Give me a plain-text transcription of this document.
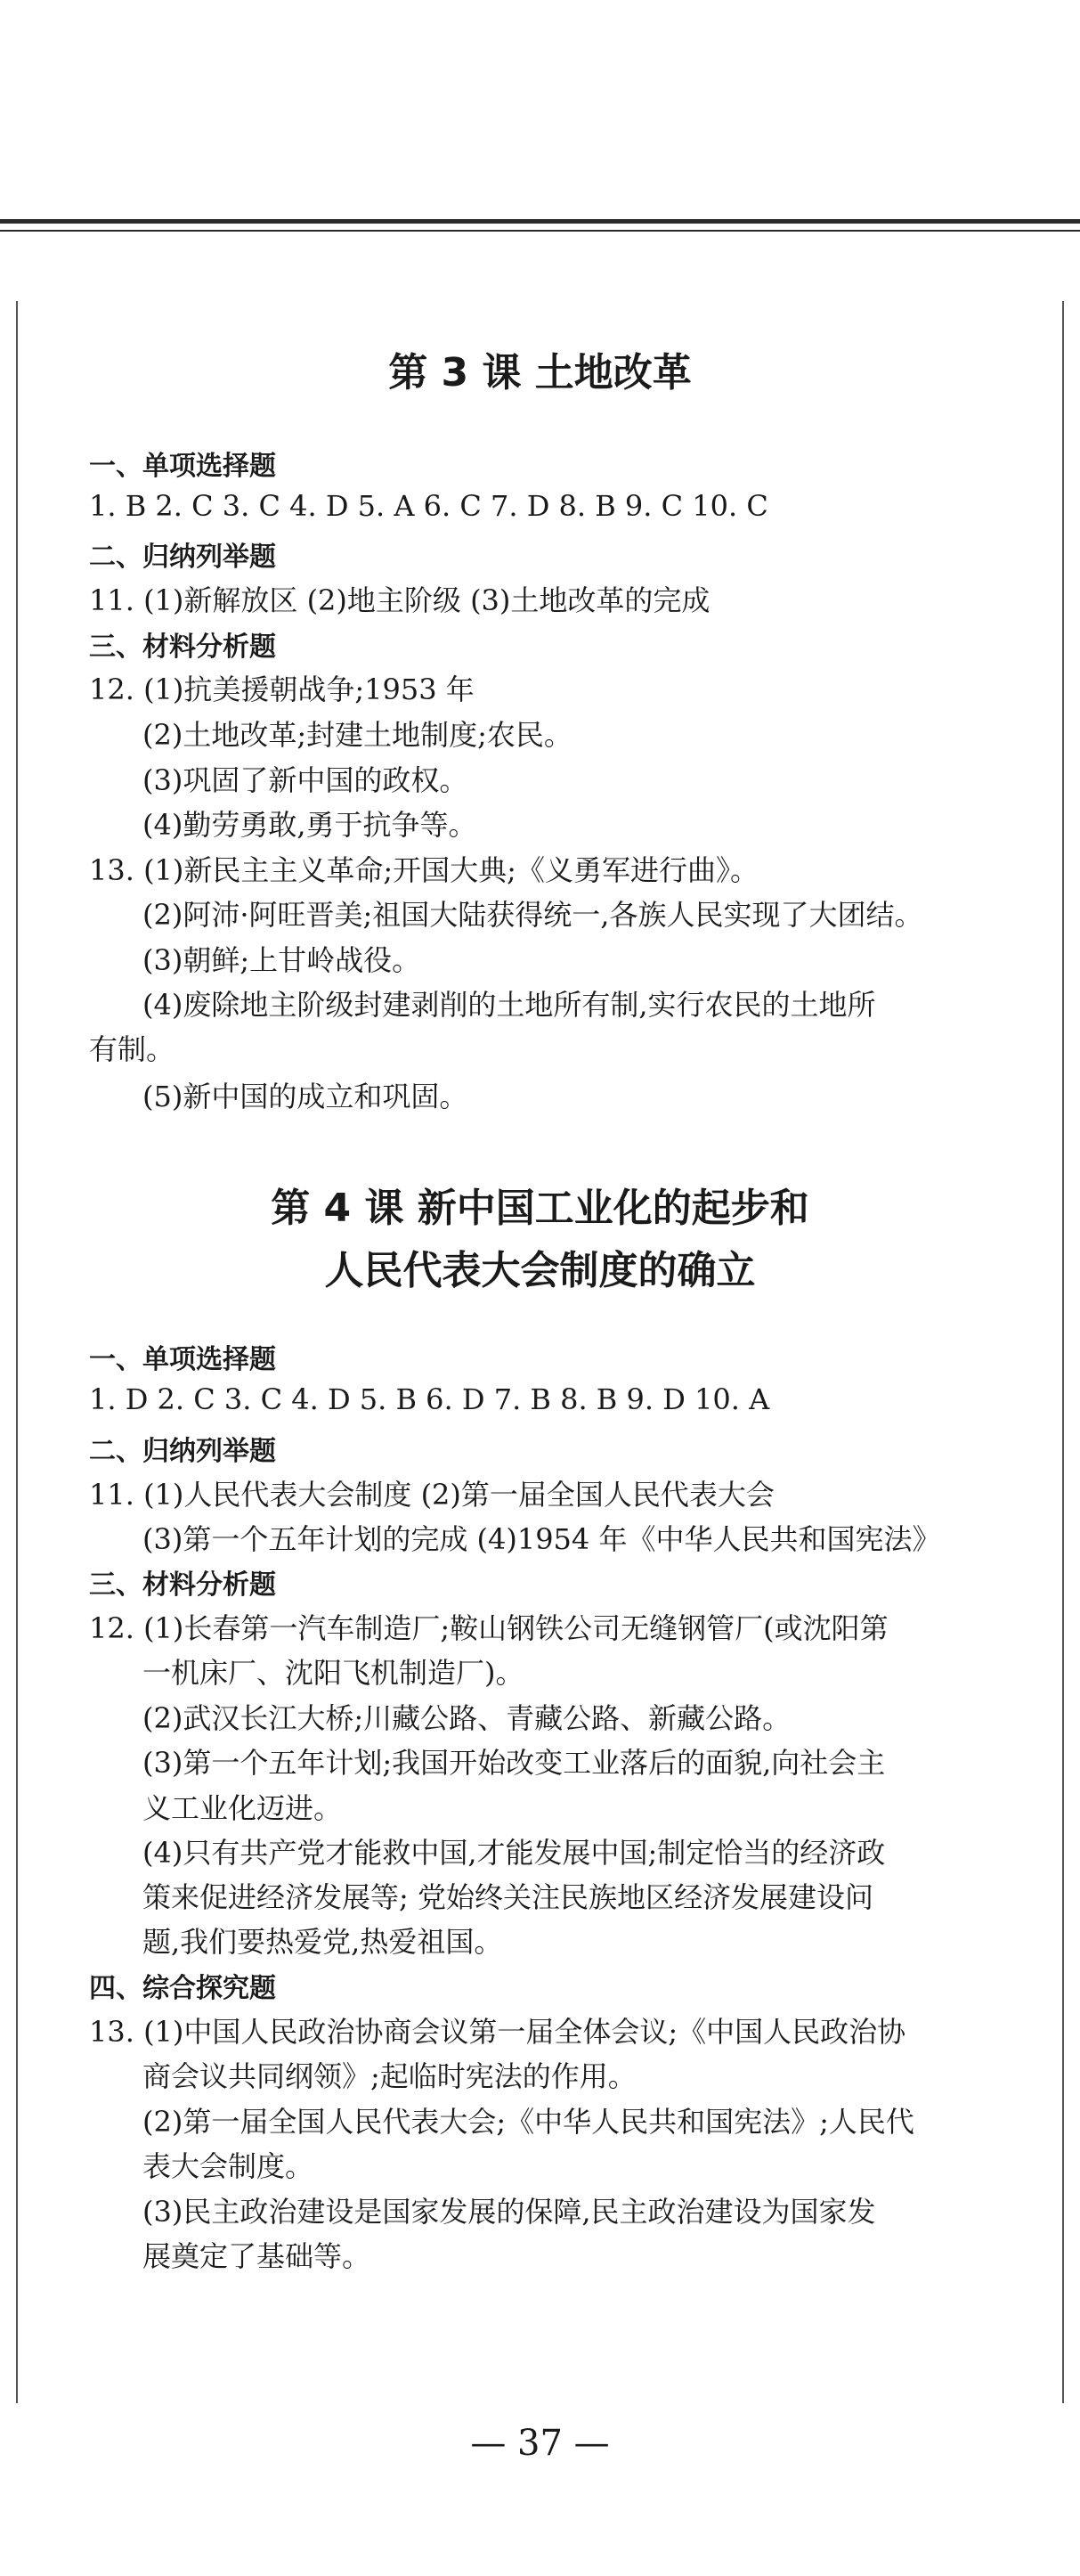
第 3 课 土地改革
一、单项选择题
1. B 2. C 3. C 4. D 5. A 6. C 7. D 8. B 9. C 10. C
二、归纳列举题
11. (1)新解放区 (2)地主阶级 (3)土地改革的完成
三、材料分析题
12. (1)抗美援朝战争;1953 年
(2)土地改革;封建土地制度;农民。
(3)巩固了新中国的政权。
(4)勤劳勇敢,勇于抗争等。
13. (1)新民主主义革命;开国大典;《义勇军进行曲》。
(2)阿沛·阿旺晋美;祖国大陆获得统一,各族人民实现了大团结。
(3)朝鲜;上甘岭战役。
(4)废除地主阶级封建剥削的土地所有制,实行农民的土地所
有制。
(5)新中国的成立和巩固。
第 4 课 新中国工业化的起步和
人民代表大会制度的确立
一、单项选择题
1. D 2. C 3. C 4. D 5. B 6. D 7. B 8. B 9. D 10. A
二、归纳列举题
11. (1)人民代表大会制度 (2)第一届全国人民代表大会
(3)第一个五年计划的完成 (4)1954 年《中华人民共和国宪法》
三、材料分析题
12. (1)长春第一汽车制造厂;鞍山钢铁公司无缝钢管厂(或沈阳第
一机床厂、沈阳飞机制造厂)。
(2)武汉长江大桥;川藏公路、青藏公路、新藏公路。
(3)第一个五年计划;我国开始改变工业落后的面貌,向社会主
义工业化迈进。
(4)只有共产党才能救中国,才能发展中国;制定恰当的经济政
策来促进经济发展等; 党始终关注民族地区经济发展建设问
题,我们要热爱党,热爱祖国。
四、综合探究题
13. (1)中国人民政治协商会议第一届全体会议;《中国人民政治协
商会议共同纲领》;起临时宪法的作用。
(2)第一届全国人民代表大会;《中华人民共和国宪法》;人民代
表大会制度。
(3)民主政治建设是国家发展的保障,民主政治建设为国家发
展奠定了基础等。
— 37 —
